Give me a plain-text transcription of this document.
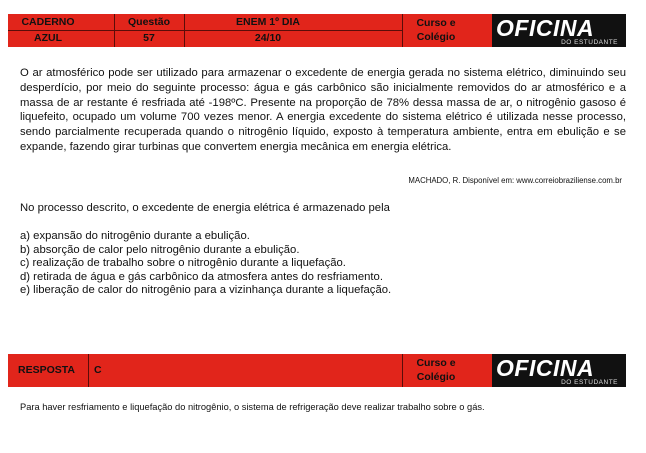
CADERNO
AZUL
Questão
57
ENEM 1º DIA
24/10
Curso e
Colégio	OFICINA
DO ESTUDANTE
O ar atmosférico pode ser utilizado para armazenar o excedente de energia gerada no sistema elétrico, diminuindo seu desperdício, por meio do seguinte processo: água e gás carbônico são inicialmente removidos do ar atmosférico e a massa de ar restante é resfriada até -198ºC. Presente na proporção de 78% dessa massa de ar, o nitrogênio gasoso é liquefeito, ocupado um volume 700 vezes menor. A energia excedente do sistema elétrico é utilizada nesse processo, sendo parcialmente recuperada quando o nitrogênio líquido, exposto à temperatura ambiente, entra em ebulição e se expande, fazendo girar turbinas que convertem energia mecânica em energia elétrica.
MACHADO, R. Disponível em: www.correiobraziliense.com.br
No processo descrito, o excedente de energia elétrica é armazenado pela
a) expansão do nitrogênio durante a ebulição.
b) absorção de calor pelo nitrogênio durante a ebulição.
c) realização de trabalho sobre o nitrogênio durante a liquefação.
d) retirada de água e gás carbônico da atmosfera antes do resfriamento.
e) liberação de calor do nitrogênio para a vizinhança durante a liquefação.
RESPOSTA C
Curso e
Colégio	OFICINA
DO ESTUDANTE
Para haver resfriamento e liquefação do nitrogênio, o sistema de refrigeração deve realizar trabalho sobre o gás.
